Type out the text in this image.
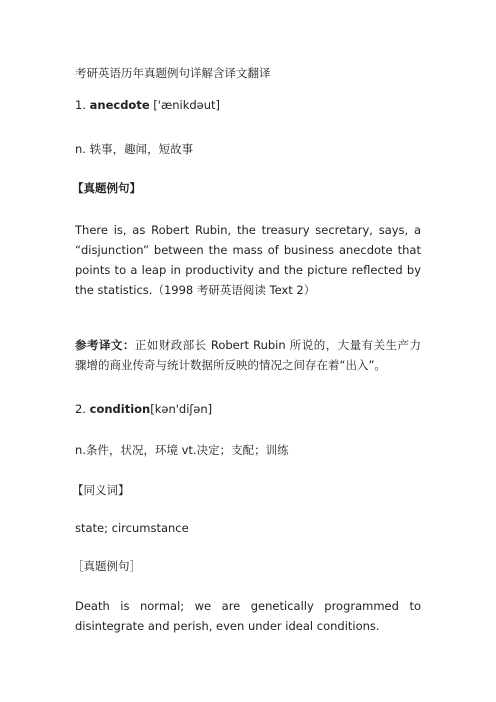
考研英语历年真题例句详解含译文翻译
1. anecdote ['ænikdəut]
n. 轶事，趣闻，短故事
【真题例句】
There is, as Robert Rubin, the treasury secretary, says, a “disjunction” between the mass of business anecdote that points to a leap in productivity and the picture reflected by the statistics.（1998 考研英语阅读 Text 2）
参考译文：正如财政部长 Robert Rubin 所说的，大量有关生产力骤增的商业传奇与统计数据所反映的情况之间存在着“出入”。
2. condition[kən'diʃən]
n.条件，状况，环境 vt.决定；支配；训练
【同义词】
state; circumstance
［真题例句］
Death is normal; we are genetically programmed to disintegrate and perish, even under ideal conditions.
